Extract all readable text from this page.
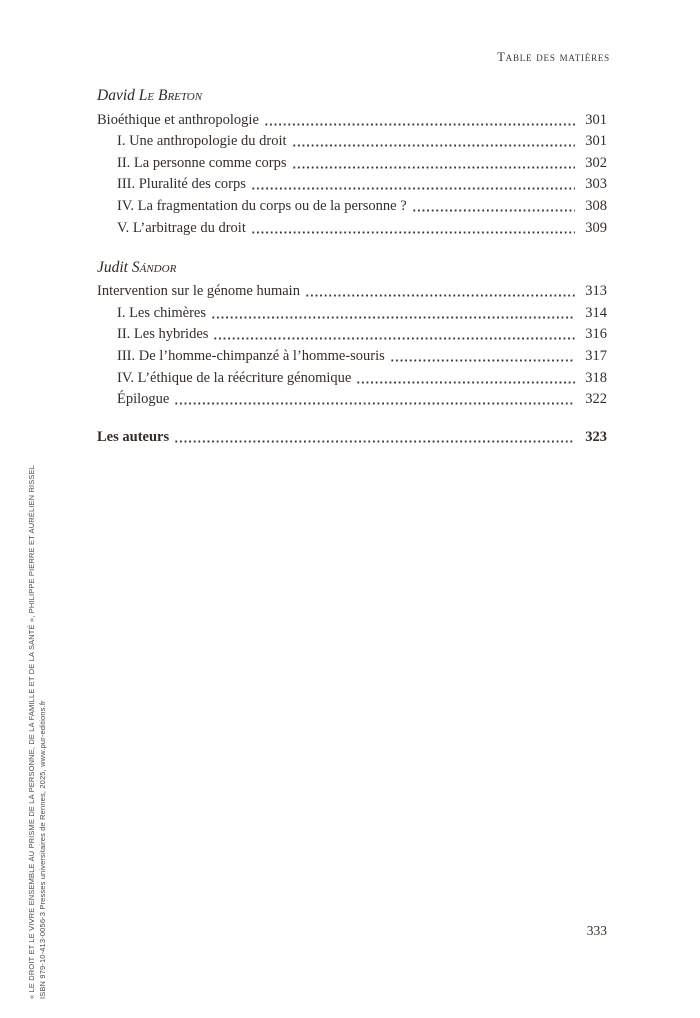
Table des matières
David Le Breton
Bioéthique et anthropologie	301
I. Une anthropologie du droit	301
II. La personne comme corps	302
III. Pluralité des corps	303
IV. La fragmentation du corps ou de la personne ?	308
V. L’arbitrage du droit	309
Judit Sándor
Intervention sur le génome humain	313
I. Les chimères	314
II. Les hybrides	316
III. De l’homme-chimpanzé à l’homme-souris	317
IV. L’éthique de la réécriture génomique	318
Épilogue	322
Les auteurs	323
333
« LE DROIT ET LE VIVRE ENSEMBLE AU PRISME DE LA PERSONNE, DE LA FAMILLE ET DE LA SANTÉ », PHILIPPE PIERRE ET AURÉLIEN RISSEL ISBN 979-10-413-0056-3 Presses universitaires de Rennes, 2025, www.pur-editions.fr
